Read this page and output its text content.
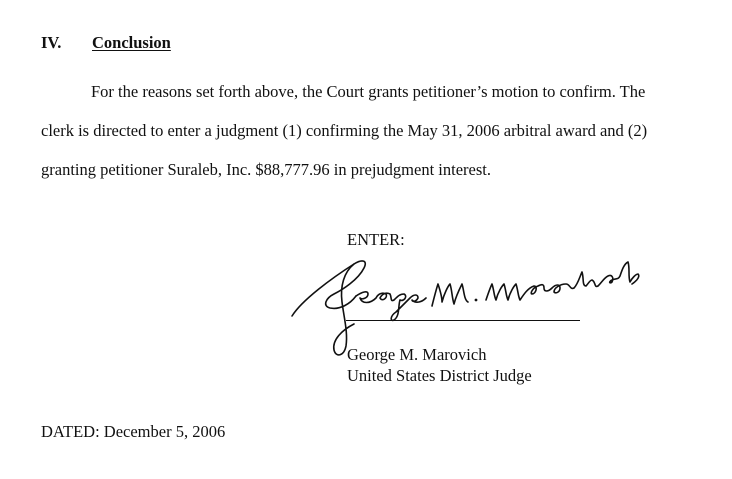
IV. Conclusion
For the reasons set forth above, the Court grants petitioner’s motion to confirm. The
clerk is directed to enter a judgment (1) confirming the May 31, 2006 arbitral award and (2)
granting petitioner Suraleb, Inc. $88,777.96 in prejudgment interest.
ENTER:
George M. Marovich
United States District Judge
DATED: December 5, 2006
